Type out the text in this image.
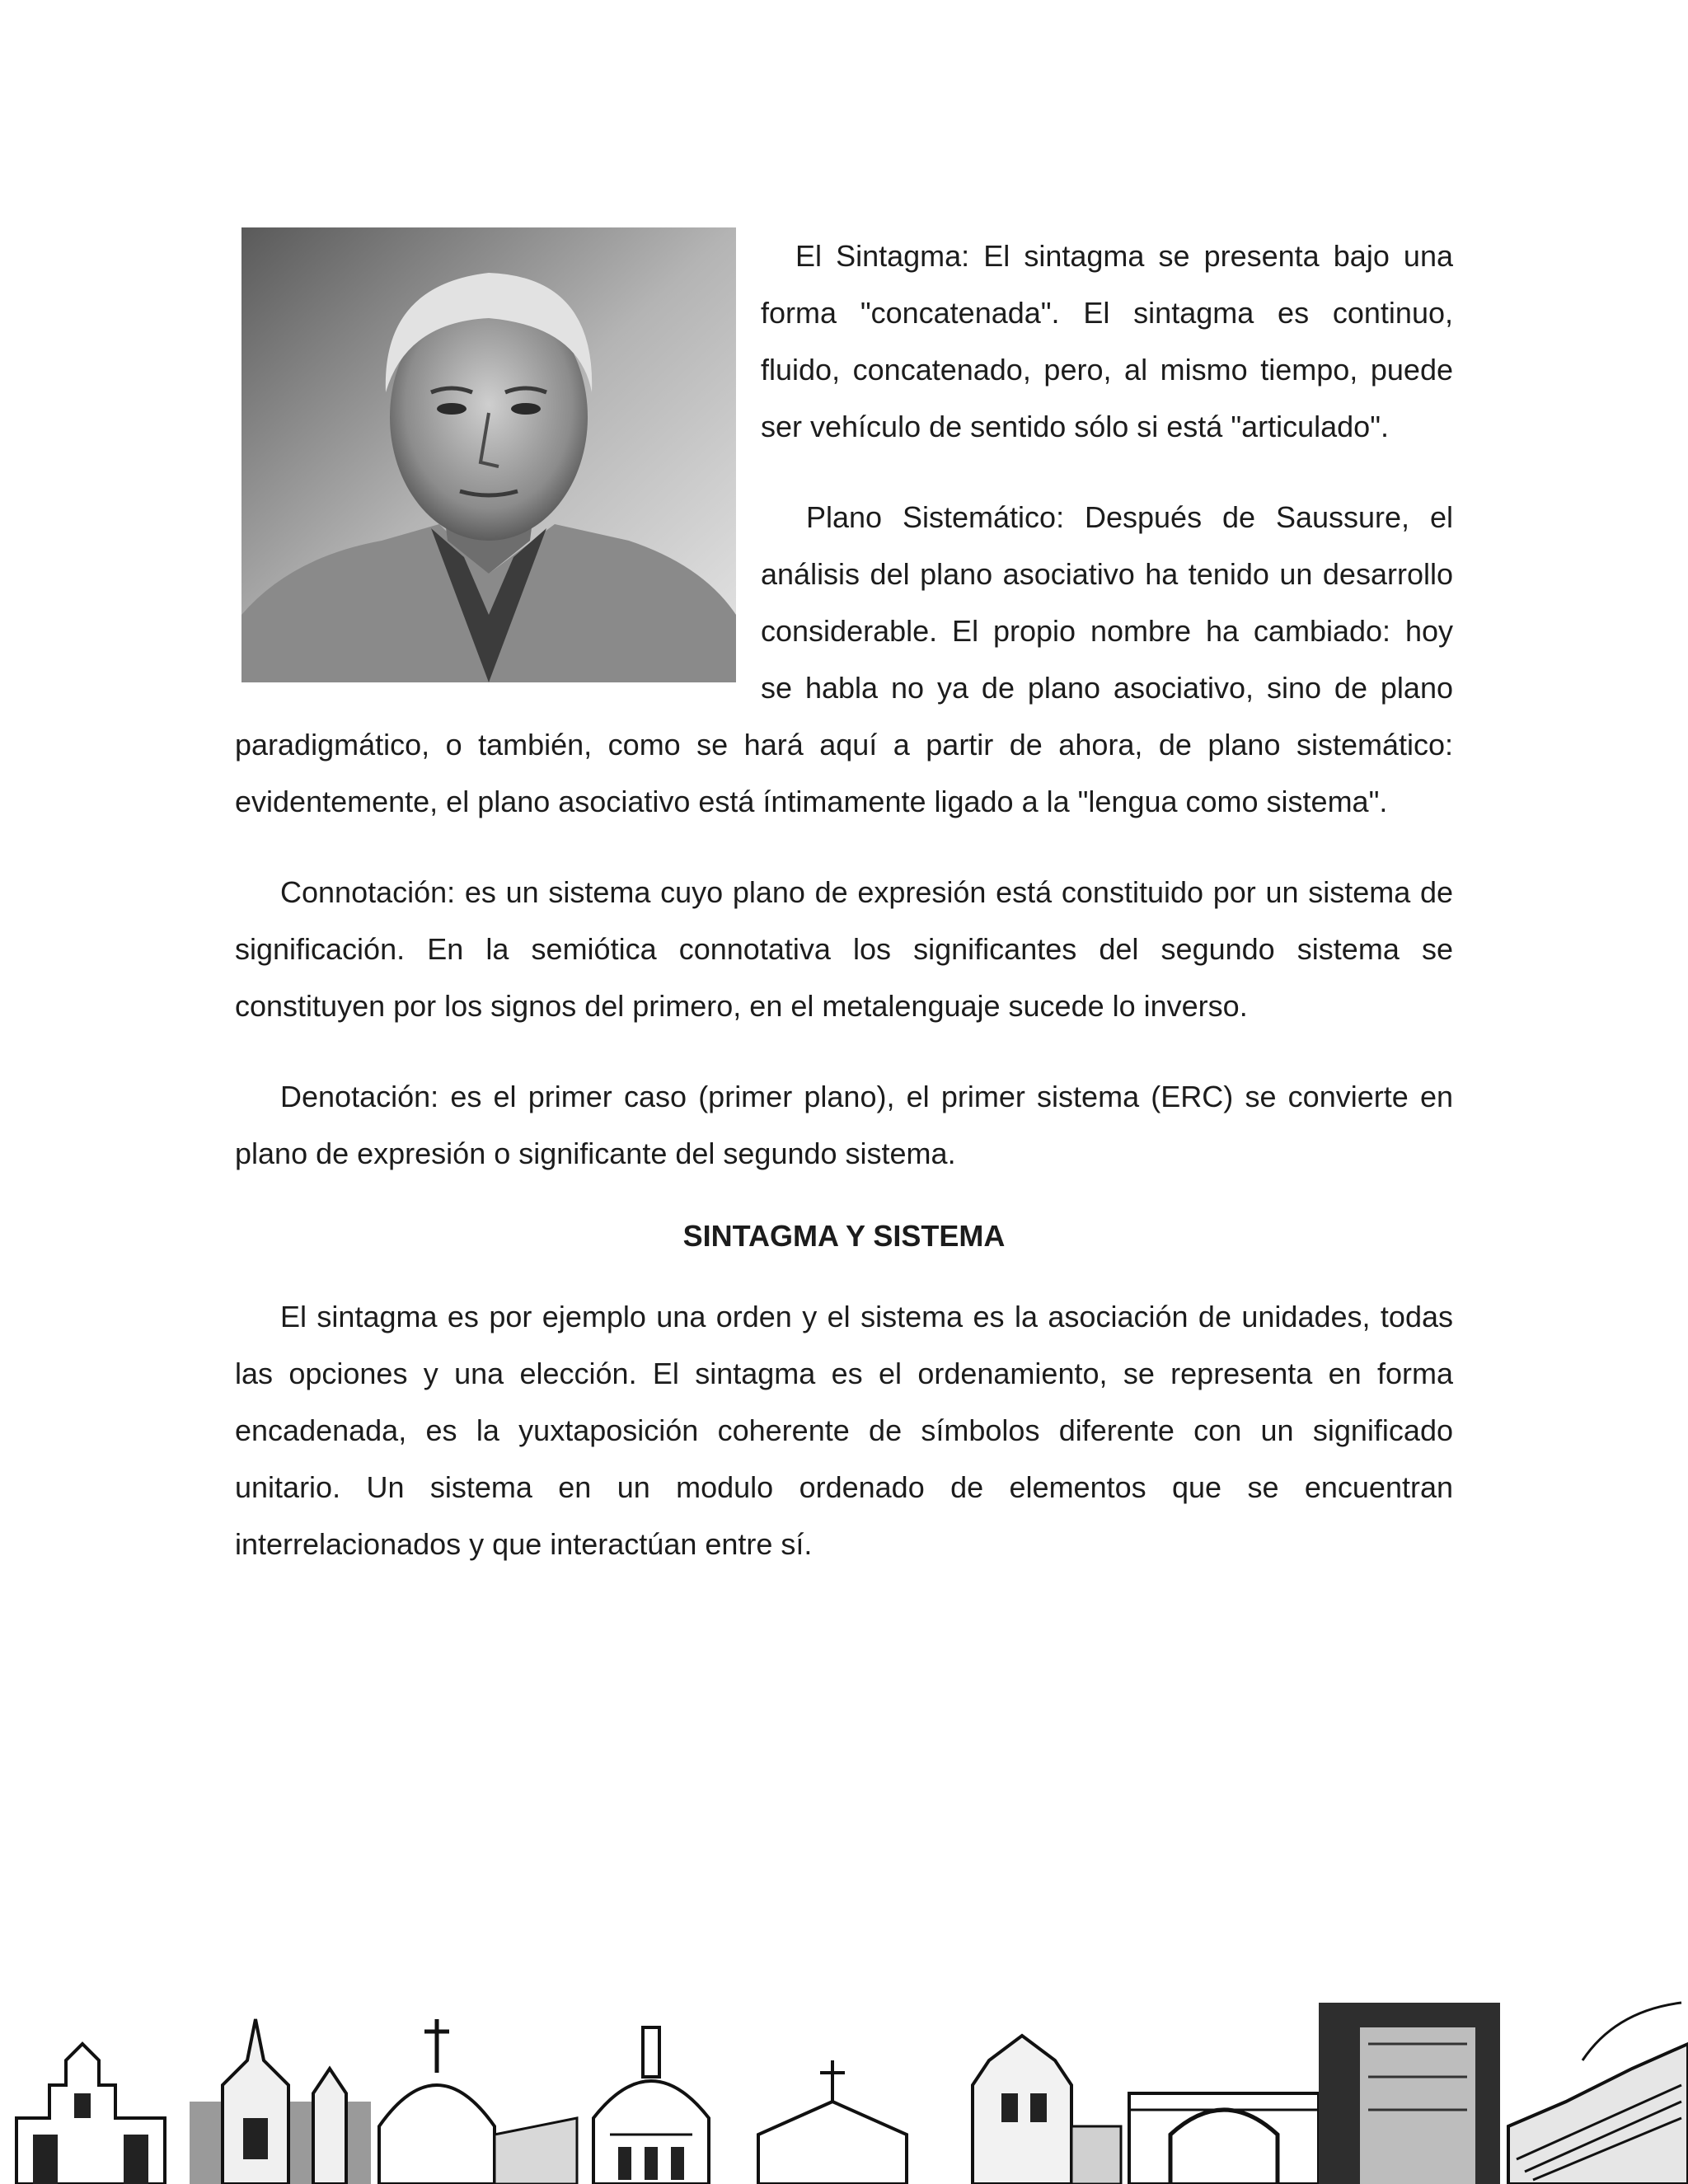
El Sintagma: El sintagma se presenta bajo una forma "concatenada". El sintagma es continuo, fluido, concatenado, pero, al mismo tiempo, puede ser vehículo de sentido sólo si está "articulado".

Plano Sistemático: Después de Saussure, el análisis del plano asociativo ha tenido un desarrollo considerable. El propio nombre ha cambiado: hoy se habla no ya de plano asociativo, sino de plano paradigmático, o también, como se hará aquí a partir de ahora, de plano sistemático: evidentemente, el plano asociativo está íntimamente ligado a la "lengua como sistema".

Connotación: es un sistema cuyo plano de expresión está constituido por un sistema de significación. En la semiótica connotativa los significantes del segundo sistema se constituyen por los signos del primero, en el metalenguaje sucede lo inverso.

Denotación: es el primer caso (primer plano), el primer sistema (ERC) se convierte en plano de expresión o significante del segundo sistema.

SINTAGMA Y SISTEMA

El sintagma es por ejemplo una orden y el sistema es la asociación de unidades, todas las opciones y una elección. El sintagma es el ordenamiento, se representa en forma encadenada, es la yuxtaposición coherente de símbolos diferente con un significado unitario. Un sistema en un modulo ordenado de elementos que se encuentran interrelacionados y que interactúan entre sí.
